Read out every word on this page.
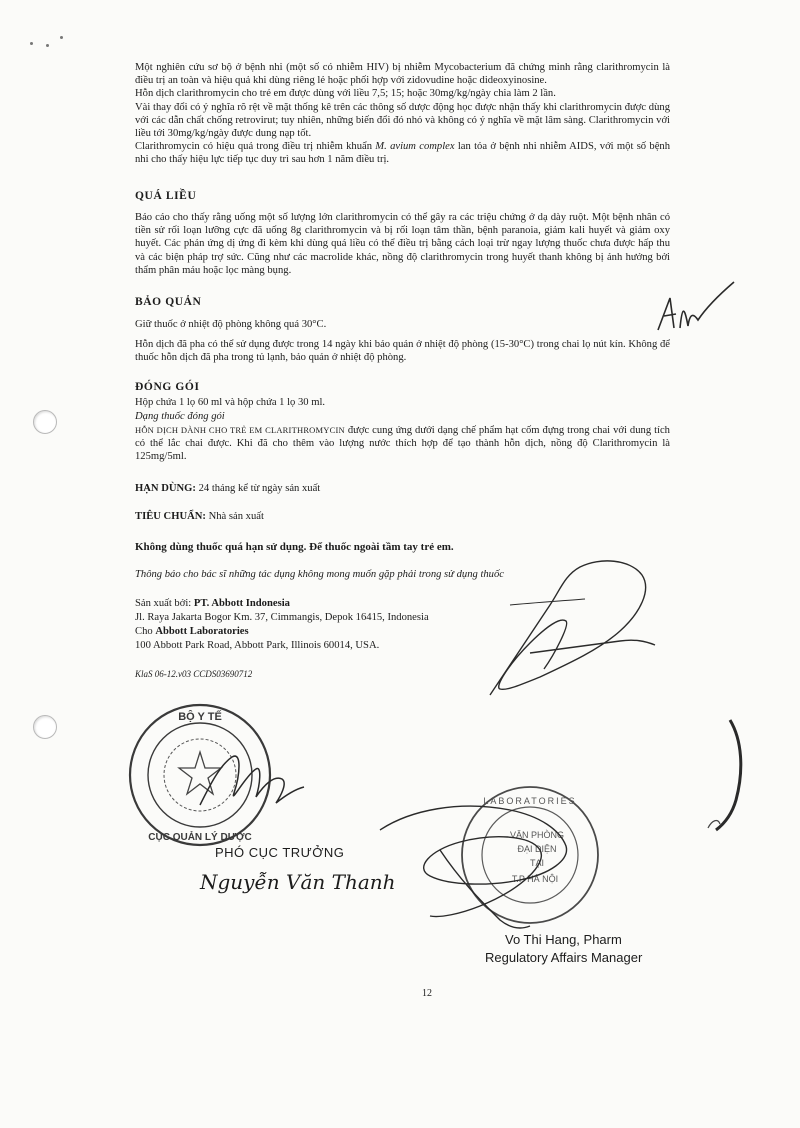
Một nghiên cứu sơ bộ ở bệnh nhi (một số có nhiễm HIV) bị nhiễm Mycobacterium đã chứng minh rằng clarithromycin là điều trị an toàn và hiệu quả khi dùng riêng lẻ hoặc phối hợp với zidovudine hoặc dideoxyinosine.

Hỗn dịch clarithromycin cho trẻ em được dùng với liều 7,5; 15; hoặc 30mg/kg/ngày chia làm 2 lần.

Vài thay đổi có ý nghĩa rõ rệt về mặt thống kê trên các thông số dược động học được nhận thấy khi clarithromycin được dùng với các dẫn chất chống retrovirut; tuy nhiên, những biến đổi đó nhỏ và không có ý nghĩa về mặt lâm sàng. Clarithromycin với liều tới 30mg/kg/ngày được dung nạp tốt.

Clarithromycin có hiệu quả trong điều trị nhiễm khuẩn M. avium complex lan tỏa ở bệnh nhi nhiễm AIDS, với một số bệnh nhi cho thấy hiệu lực tiếp tục duy trì sau hơn 1 năm điều trị.

QUÁ LIỀU
Báo cáo cho thấy rằng uống một số lượng lớn clarithromycin có thể gây ra các triệu chứng ở dạ dày ruột. Một bệnh nhân có tiền sử rối loạn lưỡng cực đã uống 8g clarithromycin và bị rối loạn tâm thần, bệnh paranoia, giảm kali huyết và giảm oxy huyết. Các phản ứng dị ứng đi kèm khi dùng quá liều có thể điều trị bằng cách loại trừ ngay lượng thuốc chưa được hấp thu và các biện pháp trợ sức. Cũng như các macrolide khác, nồng độ clarithromycin trong huyết thanh không bị ảnh hưởng bởi thẩm phân máu hoặc lọc màng bụng.
BẢO QUẢN
Giữ thuốc ở nhiệt độ phòng không quá 30°C.
Hỗn dịch đã pha có thể sử dụng được trong 14 ngày khi bảo quản ở nhiệt độ phòng (15-30°C) trong chai lọ nút kín. Không để thuốc hỗn dịch đã pha trong tủ lạnh, bảo quản ở nhiệt độ phòng.
ĐÓNG GÓI
Hộp chứa 1 lọ 60 ml và hộp chứa 1 lọ 30 ml.
Dạng thuốc đóng gói
HỖN DỊCH DÀNH CHO TRẺ EM CLARITHROMYCIN được cung ứng dưới dạng chế phẩm hạt cốm đựng trong chai với dung tích có thể lắc chai được. Khi đã cho thêm vào lượng nước thích hợp để tạo thành hỗn dịch, nồng độ Clarithromycin là 125mg/5ml.
HẠN DÙNG: 24 tháng kể từ ngày sản xuất
TIÊU CHUẨN: Nhà sản xuất
Không dùng thuốc quá hạn sử dụng. Để thuốc ngoài tầm tay trẻ em.
Thông báo cho bác sĩ những tác dụng không mong muốn gặp phải trong sử dụng thuốc
Sản xuất bởi: PT. Abbott Indonesia
Jl. Raya Jakarta Bogor Km. 37, Cimmangis, Depok 16415, Indonesia
Cho Abbott Laboratories
100 Abbott Park Road, Abbott Park, Illinois 60014, USA.
KlaS 06-12.v03 CCDS03690712
BỘ Y TẾ
CỤC QUẢN LÝ DƯỢC
LABORATORIES
VĂN PHÒNG
ĐẠI DIỆN
TẠI
T.P HÀ NỘI
PHÓ CỤC TRƯỞNG
Nguyễn Văn Thanh
Vo Thi Hang, Pharm
Regulatory Affairs Manager
12
